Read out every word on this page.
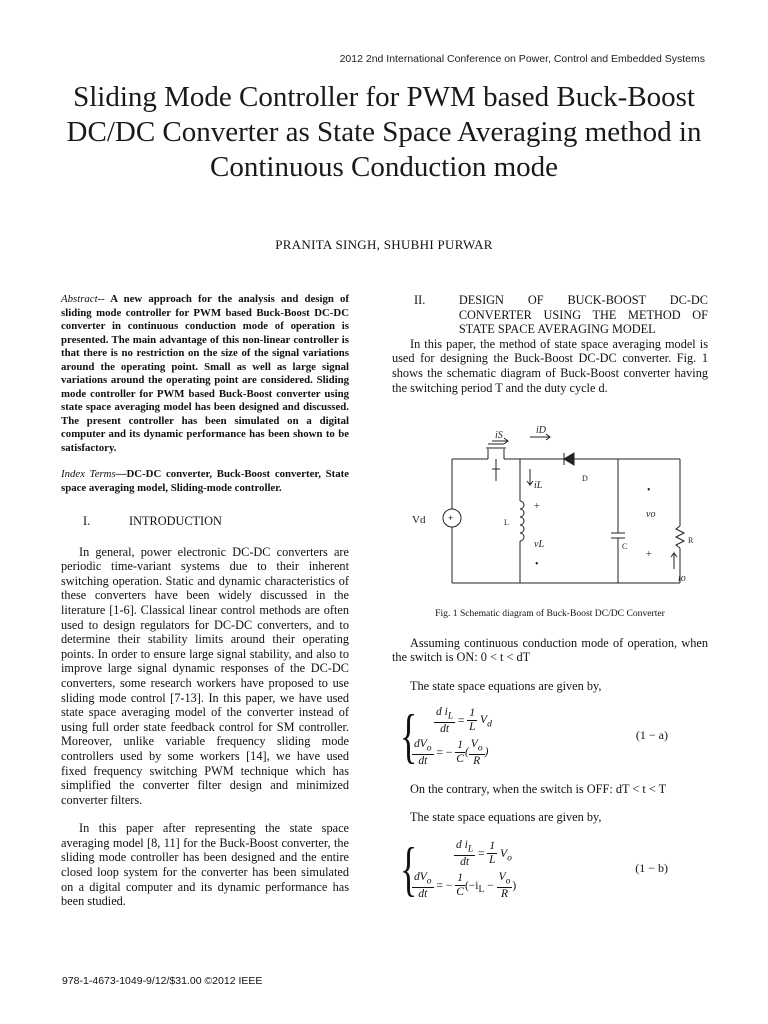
2012 2nd International Conference on Power, Control and Embedded Systems
Sliding Mode Controller for PWM based Buck-Boost DC/DC Converter as State Space Averaging method in Continuous Conduction mode
PRANITA SINGH, SHUBHI PURWAR

Abstract-- A new approach for the analysis and design of sliding mode controller for PWM based Buck-Boost DC-DC converter in continuous conduction mode of operation is presented. The main advantage of this non-linear controller is that there is no restriction on the size of the signal variations around the operating point. Small as well as large signal variations around the operating point are considered. Sliding mode controller for PWM based Buck-Boost converter using state space averaging model has been designed and discussed. The present controller has been simulated on a digital computer and its dynamic performance has been shown to be satisfactory.

Index Terms—DC-DC converter, Buck-Boost converter, State space averaging model, Sliding-mode controller.

I.	INTRODUCTION

In general, power electronic DC-DC converters are periodic time-variant systems due to their inherent switching operation. Static and dynamic characteristics of these converters have been widely discussed in the literature [1-6]. Classical linear control methods are often used to design regulators for DC-DC converters, and to determine their stability limits around their operating points. In order to ensure large signal stability, and also to improve large signal dynamic responses of the DC-DC converters, some research workers have proposed to use sliding mode control [7-13]. In this paper, we have used state space averaging model of the converter instead of using full order state feedback control for SM controller. Moreover, unlike variable frequency sliding mode controllers used by some workers [14], we have used fixed frequency switching PWM technique which has simplified the converter filter design and minimized converter filters.

In this paper after representing the state space averaging model [8, 11] for the Buck-Boost converter, the sliding mode controller has been designed and the entire closed loop system for the converter has been simulated on a digital computer and its dynamic performance has been studied.

II.	DESIGN OF BUCK-BOOST DC-DC CONVERTER USING THE METHOD OF STATE SPACE AVERAGING MODEL

In this paper, the method of state space averaging model is used for designing the Buck-Boost DC-DC converter. Fig. 1 shows the schematic diagram of Buck-Boost converter having the switching period T and the duty cycle d.

iS	iD
D
iL
+
Vd	L
vL
•
C
•
vo
+
R
io
+
Fig. 1 Schematic diagram of Buck-Boost DC/DC Converter

Assuming continuous conduction mode of operation, when the switch is ON: 0 < t < dT

The state space equations are given by,

{ $\frac{d i_L}{dt} = \frac{1}{L} V_d$
$\frac{dV_o}{dt}$ = − $\frac{1}{C}$ ( $\frac{V_o}{R}$ )
(1 − a)

On the contrary, when the switch is OFF: dT < t < T

The state space equations are given by,

{	$\frac{d i_L}{dt} = \frac{1}{L} V_o$
$\frac{dV_o}{dt}$ = − $\frac{1}{C} (-i_L - \frac{V_o}{R}$ )
(1 − b)
978-1-4673-1049-9/12/$31.00 ©2012 IEEE
